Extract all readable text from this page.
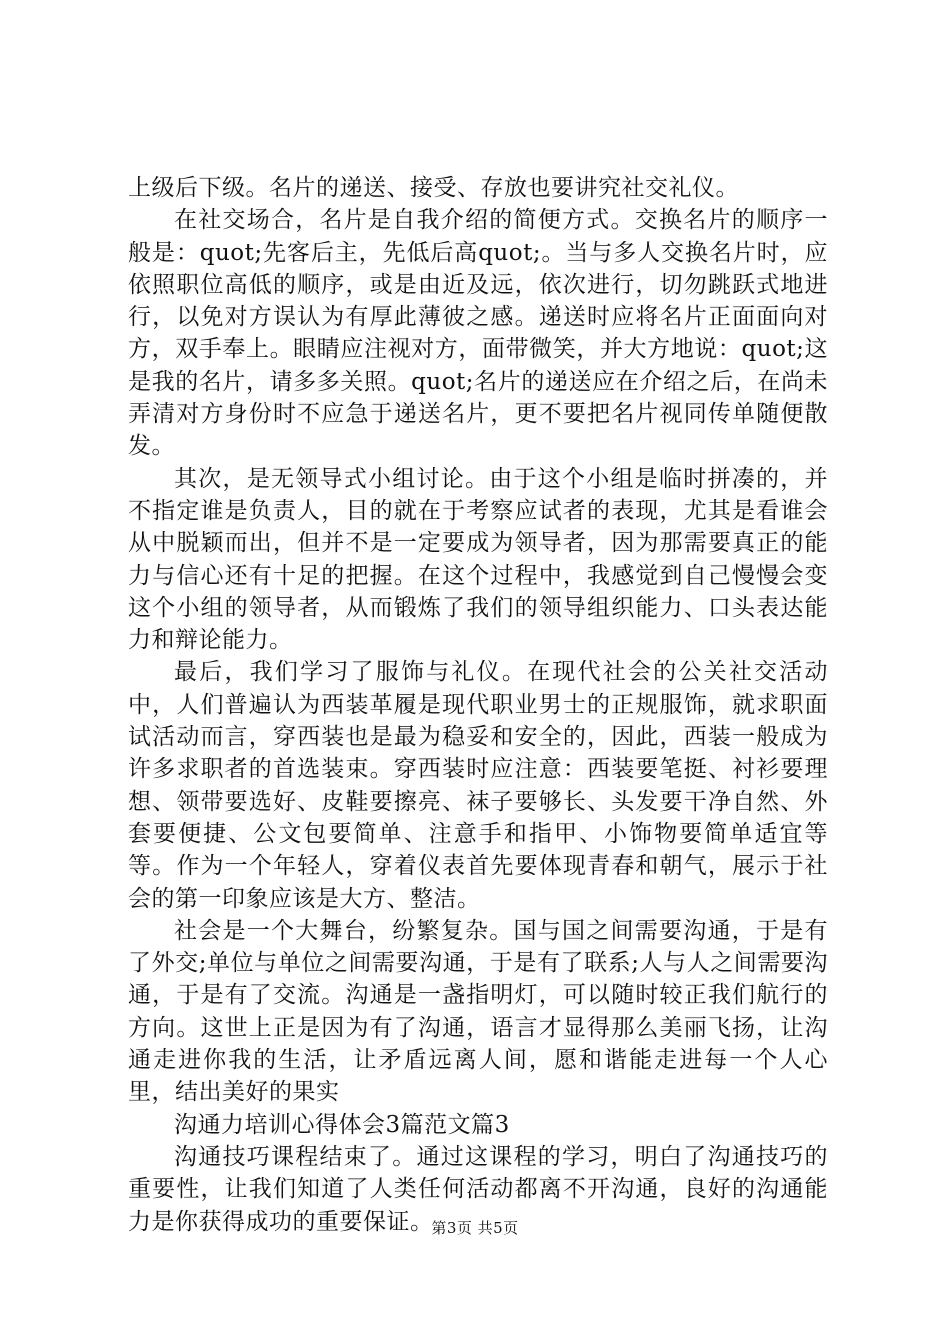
上级后下级。名片的递送、接受、存放也要讲究社交礼仪。

在社交场合，名片是自我介绍的简便方式。交换名片的顺序一般是：quot;先客后主，先低后高quot;。当与多人交换名片时，应依照职位高低的顺序，或是由近及远，依次进行，切勿跳跃式地进行，以免对方误认为有厚此薄彼之感。递送时应将名片正面面向对方，双手奉上。眼睛应注视对方，面带微笑，并大方地说：quot;这是我的名片，请多多关照。quot;名片的递送应在介绍之后，在尚未弄清对方身份时不应急于递送名片，更不要把名片视同传单随便散发。

其次，是无领导式小组讨论。由于这个小组是临时拼凑的，并不指定谁是负责人，目的就在于考察应试者的表现，尤其是看谁会从中脱颖而出，但并不是一定要成为领导者，因为那需要真正的能力与信心还有十足的把握。在这个过程中，我感觉到自己慢慢会变这个小组的领导者，从而锻炼了我们的领导组织能力、口头表达能力和辩论能力。

最后，我们学习了服饰与礼仪。在现代社会的公关社交活动中，人们普遍认为西装革履是现代职业男士的正规服饰，就求职面试活动而言，穿西装也是最为稳妥和安全的，因此，西装一般成为许多求职者的首选装束。穿西装时应注意：西装要笔挺、衬衫要理想、领带要选好、皮鞋要擦亮、袜子要够长、头发要干净自然、外套要便捷、公文包要简单、注意手和指甲、小饰物要简单适宜等等。作为一个年轻人，穿着仪表首先要体现青春和朝气，展示于社会的第一印象应该是大方、整洁。

社会是一个大舞台，纷繁复杂。国与国之间需要沟通，于是有了外交;单位与单位之间需要沟通，于是有了联系;人与人之间需要沟通，于是有了交流。沟通是一盏指明灯，可以随时较正我们航行的方向。这世上正是因为有了沟通，语言才显得那么美丽飞扬，让沟通走进你我的生活，让矛盾远离人间，愿和谐能走进每一个人心里，结出美好的果实

沟通力培训心得体会3篇范文篇3

沟通技巧课程结束了。通过这课程的学习，明白了沟通技巧的重要性，让我们知道了人类任何活动都离不开沟通，良好的沟通能力是你获得成功的重要保证。

第3页 共5页
